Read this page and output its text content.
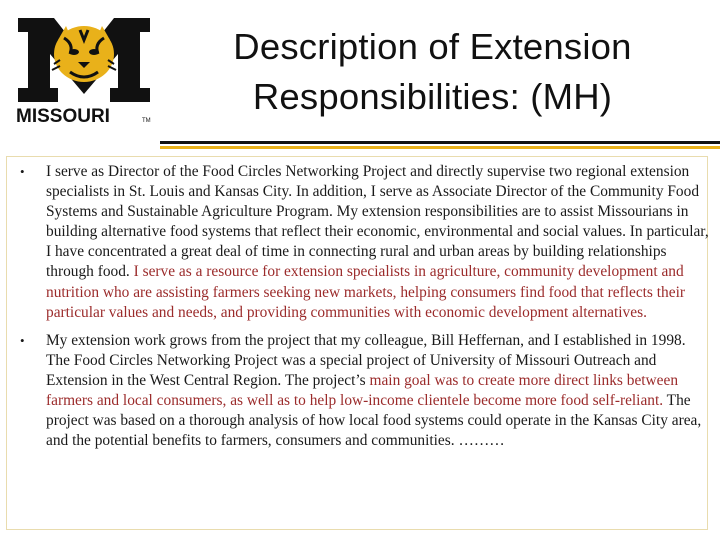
MISSOURI	TM
Description of Extension
Responsibilities: (MH)
• I serve as Director of the Food Circles Networking Project and directly supervise two regional extension specialists in St. Louis and Kansas City. In addition, I serve as Associate Director of the Community Food Systems and Sustainable Agriculture Program. My extension responsibilities are to assist Missourians in building alternative food systems that reflect their economic, environmental and social values. In particular, I have concentrated a great deal of time in connecting rural and urban areas by building relationships through food. I serve as a resource for extension specialists in agriculture, community development and nutrition who are assisting farmers seeking new markets, helping consumers find food that reflects their particular values and needs, and providing communities with economic development alternatives.
• My extension work grows from the project that my colleague, Bill Heffernan, and I established in 1998. The Food Circles Networking Project was a special project of University of Missouri Outreach and Extension in the West Central Region. The project’s main goal was to create more direct links between farmers and local consumers, as well as to help low-income clientele become more food self-reliant. The project was based on a thorough analysis of how local food systems could operate in the Kansas City area, and the potential benefits to farmers, consumers and communities. ………
